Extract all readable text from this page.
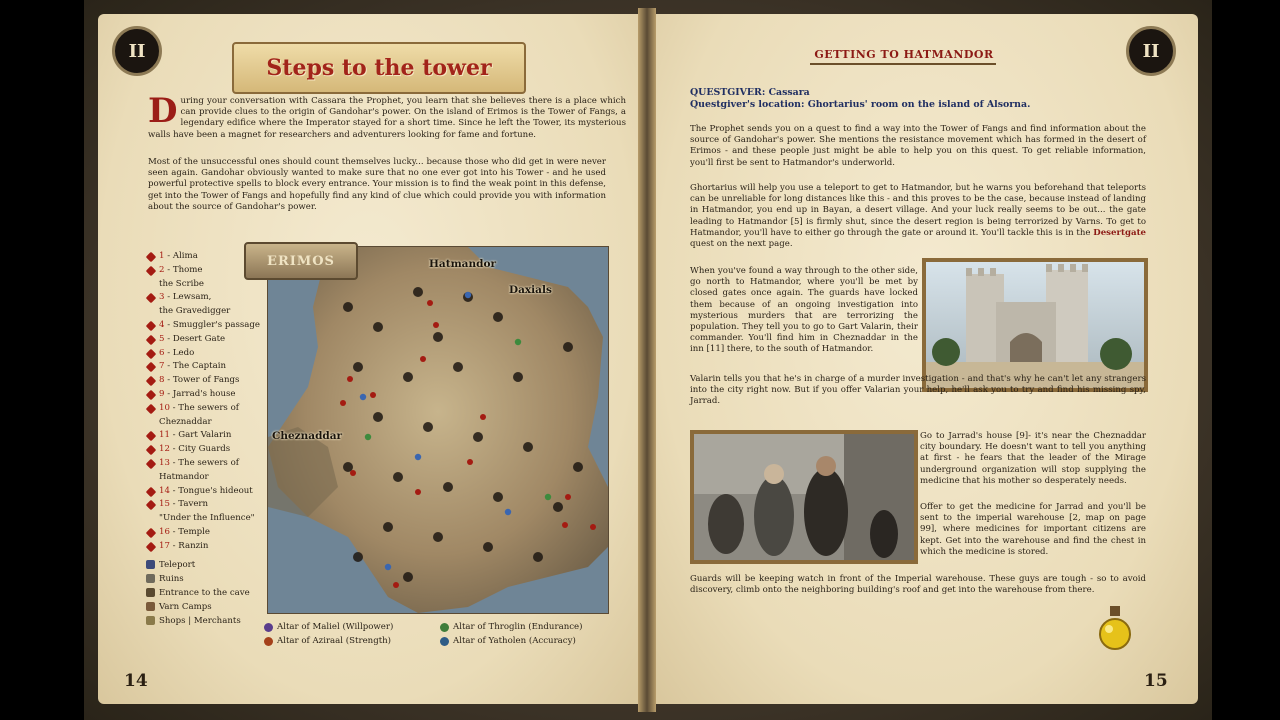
II	II
Steps to the tower
During your conversation with Cassara the Prophet, you learn that she believes there is a place which can provide clues to the origin of Gandohar's power. On the island of Erimos is the Tower of Fangs, a legendary edifice where the Imperator stayed for a short time. Since he left the Tower, its mysterious walls have been a magnet for researchers and adventurers looking for fame and fortune.

Most of the unsuccessful ones should count themselves lucky... because those who did get in were never seen again. Gandohar obviously wanted to make sure that no one ever got into his Tower - and he used powerful protective spells to block every entrance. Your mission is to find the weak point in this defense, get into the Tower of Fangs and hopefully find any kind of clue which could provide you with information about the source of Gandohar's power.

ERIMOS	Hatmandor
Daxials
Cheznaddar
1 - Alima
2 - Thome
the Scribe
3 - Lewsam,
the Gravedigger
4 - Smuggler's passage
5 - Desert Gate
6 - Ledo
7 - The Captain
8 - Tower of Fangs
9 - Jarrad's house
10 - The sewers of
Cheznaddar
11 - Gart Valarin
12 - City Guards
13 - The sewers of
Hatmandor
14 - Tongue's hideout
15 - Tavern
"Under the Influence"
16 - Temple
17 - Ranzin
Teleport
Ruins
Entrance to the cave
Varn Camps
Shops | Merchants
Altar of Maliel (Willpower)	Altar of Throglin (Endurance)
Altar of Aziraal (Strength)	Altar of Yatholen (Accuracy)
14
GETTING TO HATMANDOR
QUESTGIVER: Cassara
Questgiver's location: Ghortarius' room on the island of Alsorna.

The Prophet sends you on a quest to find a way into the Tower of Fangs and find information about the source of Gandohar's power. She mentions the resistance movement which has formed in the desert of Erimos - and these people just might be able to help you on this quest. To get reliable information, you'll first be sent to Hatmandor's underworld.

Ghortarius will help you use a teleport to get to Hatmandor, but he warns you beforehand that teleports can be unreliable for long distances like this - and this proves to be the case, because instead of landing in Hatmandor, you end up in Bayan, a desert village. And your luck really seems to be out... the gate leading to Hatmandor [5] is firmly shut, since the desert region is being terrorized by Varns. To get to Hatmandor, you'll have to either go through the gate or around it. You'll tackle this is in the Desertgate quest on the next page.

When you've found a way through to the other side, go north to Hatmandor, where you'll be met by closed gates once again. The guards have locked them because of an ongoing investigation into mysterious murders that are terrorizing the population. They tell you to go to Gart Valarin, their commander. You'll find him in Cheznaddar in the inn [11] there, to the south of Hatmandor.

Valarin tells you that he's in charge of a murder investigation - and that's why he can't let any strangers into the city right now. But if you offer Valarian your help, he'll ask you to try and find his missing spy, Jarrad.

Go to Jarrad's house [9]- it's near the Cheznaddar city boundary. He doesn't want to tell you anything at first - he fears that the leader of the Mirage underground organization will stop supplying the medicine that his mother so desperately needs.

Offer to get the medicine for Jarrad and you'll be sent to the imperial warehouse [2, map on page 99], where medicines for important citizens are kept. Get into the warehouse and find the chest in which the medicine is stored.

Guards will be keeping watch in front of the Imperial warehouse. These guys are tough - so to avoid discovery, climb onto the neighboring building's roof and get into the warehouse from there.

15
